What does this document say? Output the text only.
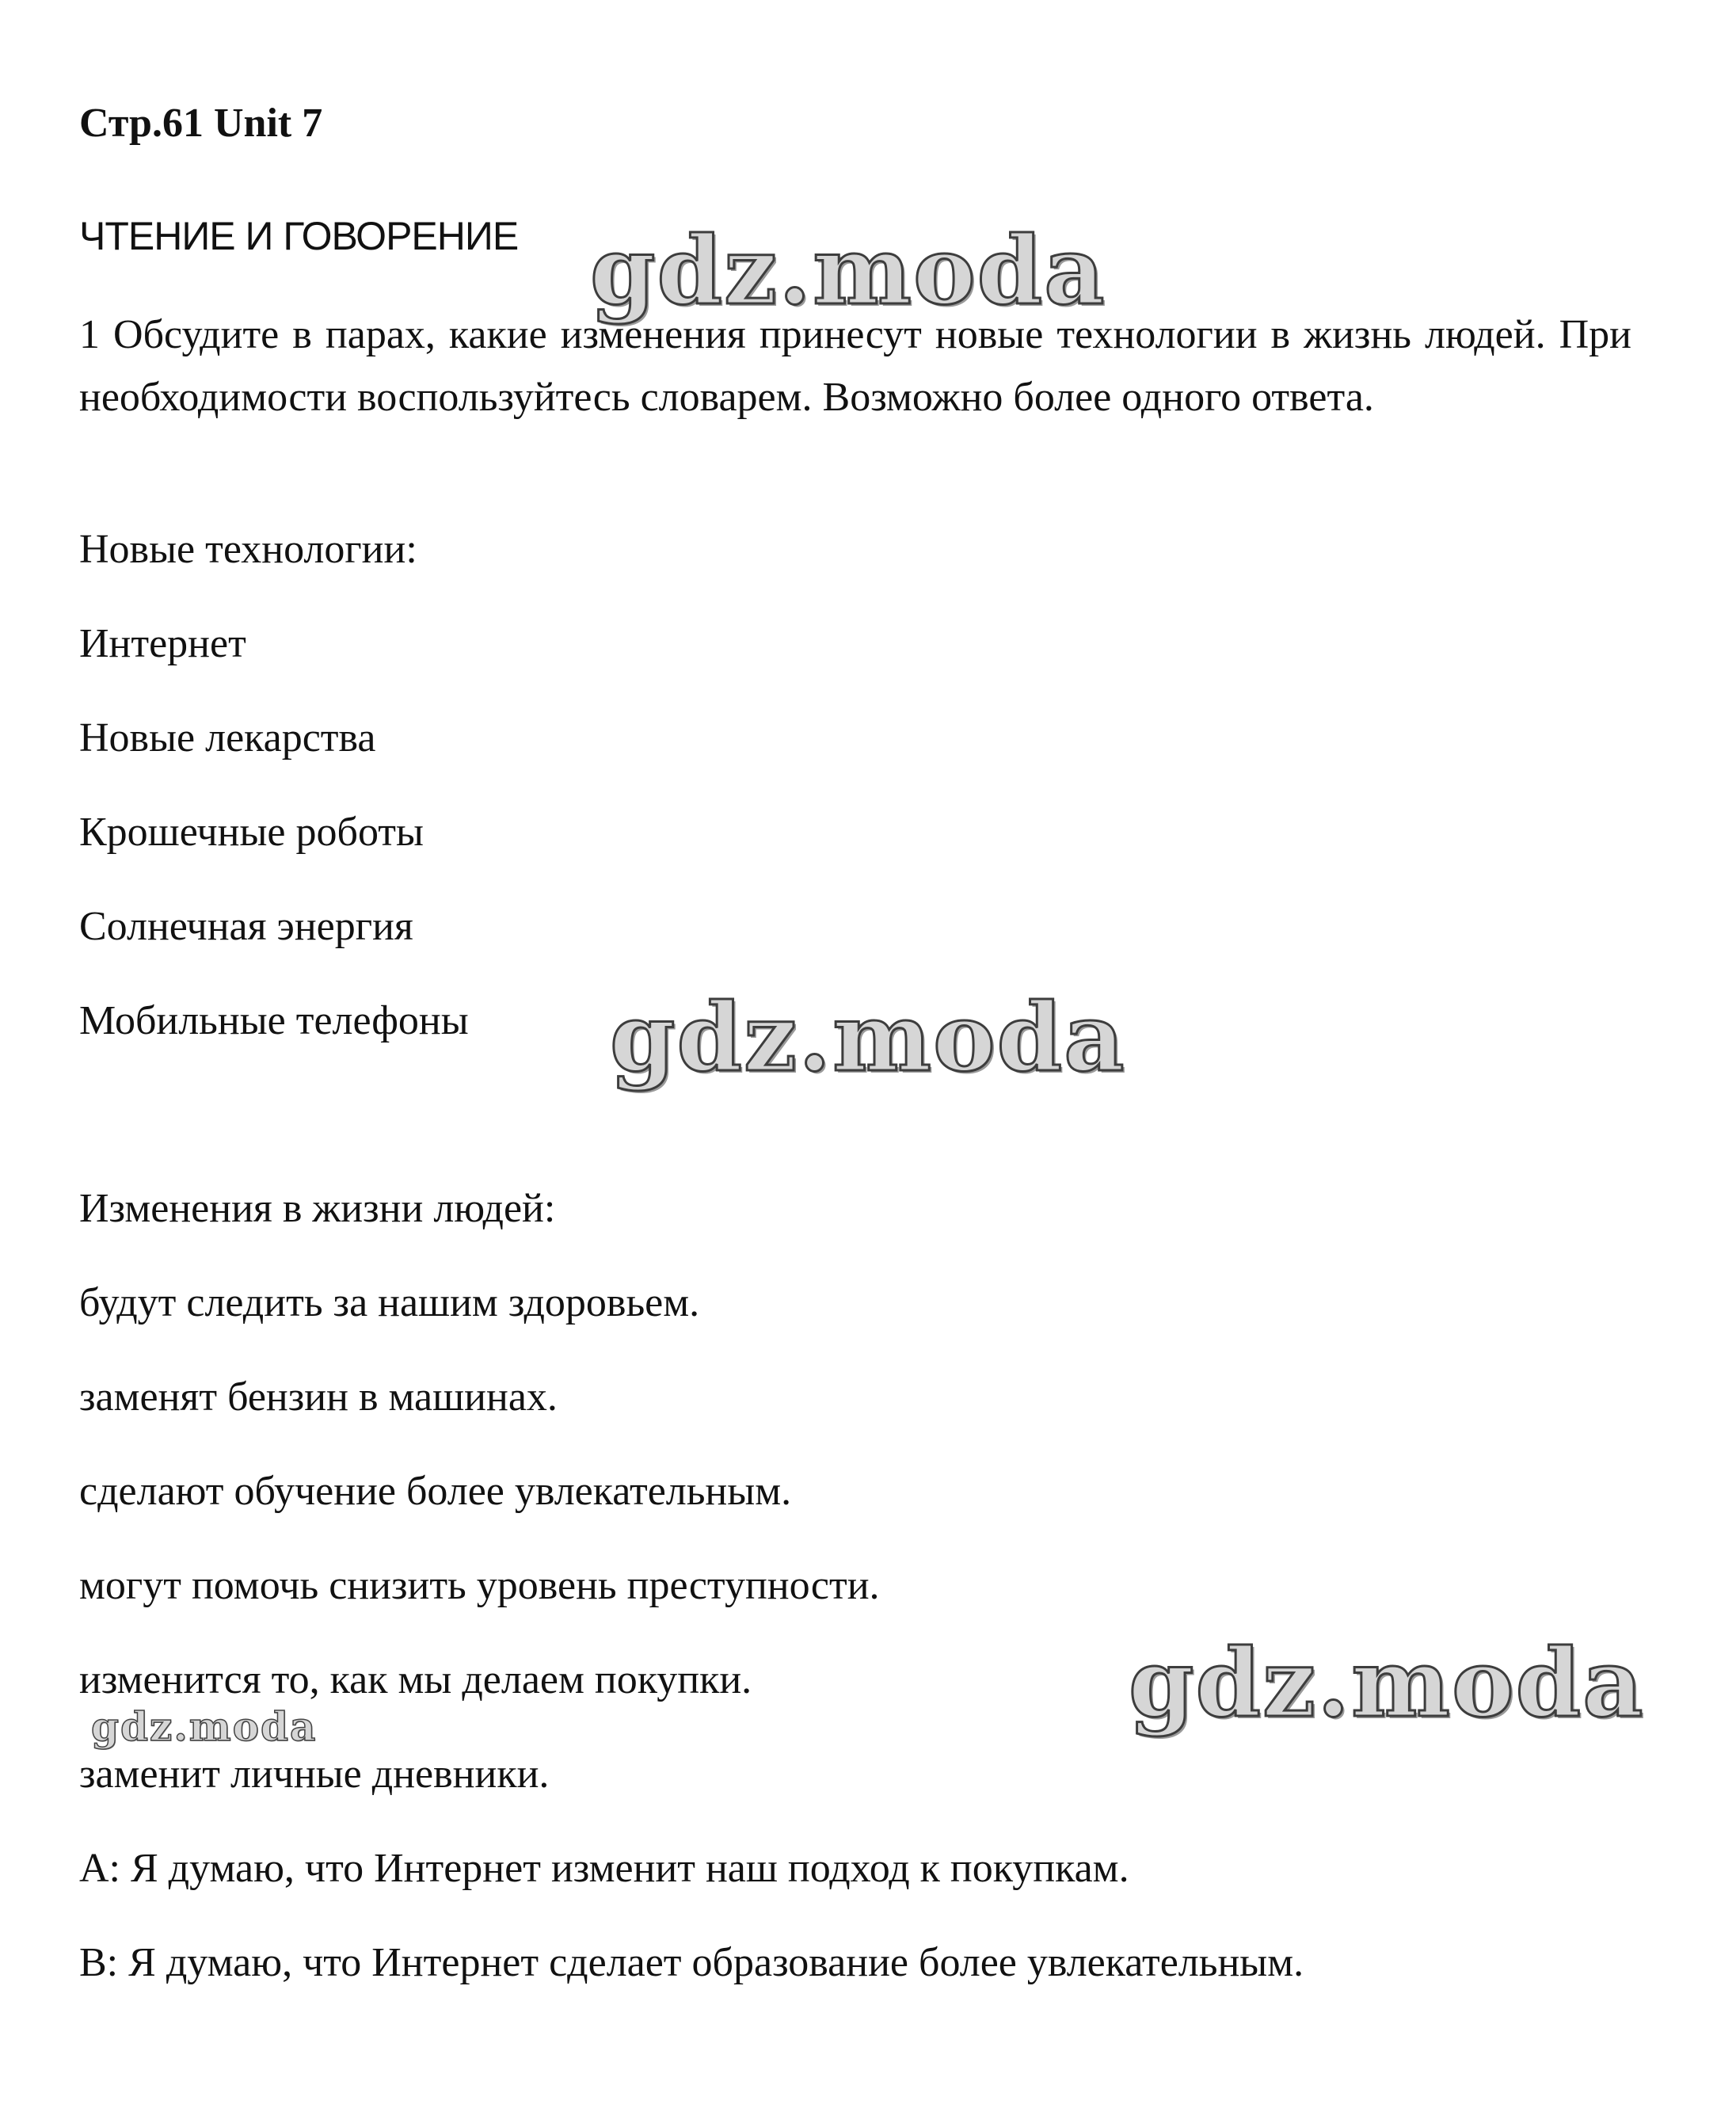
Стр.61 Unit 7
ЧТЕНИЕ И ГОВОРЕНИЕ
1 Обсудите в парах, какие изменения принесут новые технологии в жизнь людей. При необходимости воспользуйтесь словарем. Возможно более одного ответа.
Новые технологии:
Интернет
Новые лекарства
Крошечные роботы
Солнечная энергия
Мобильные телефоны
Изменения в жизни людей:
будут следить за нашим здоровьем.
заменят бензин в машинах.
сделают обучение более увлекательным.
могут помочь снизить уровень преступности.
изменится то, как мы делаем покупки.
заменит личные дневники.
A: Я думаю, что Интернет изменит наш подход к покупкам.
B: Я думаю, что Интернет сделает образование более увлекательным.
gdz.moda
gdz.moda
gdz.moda
gdz.moda
